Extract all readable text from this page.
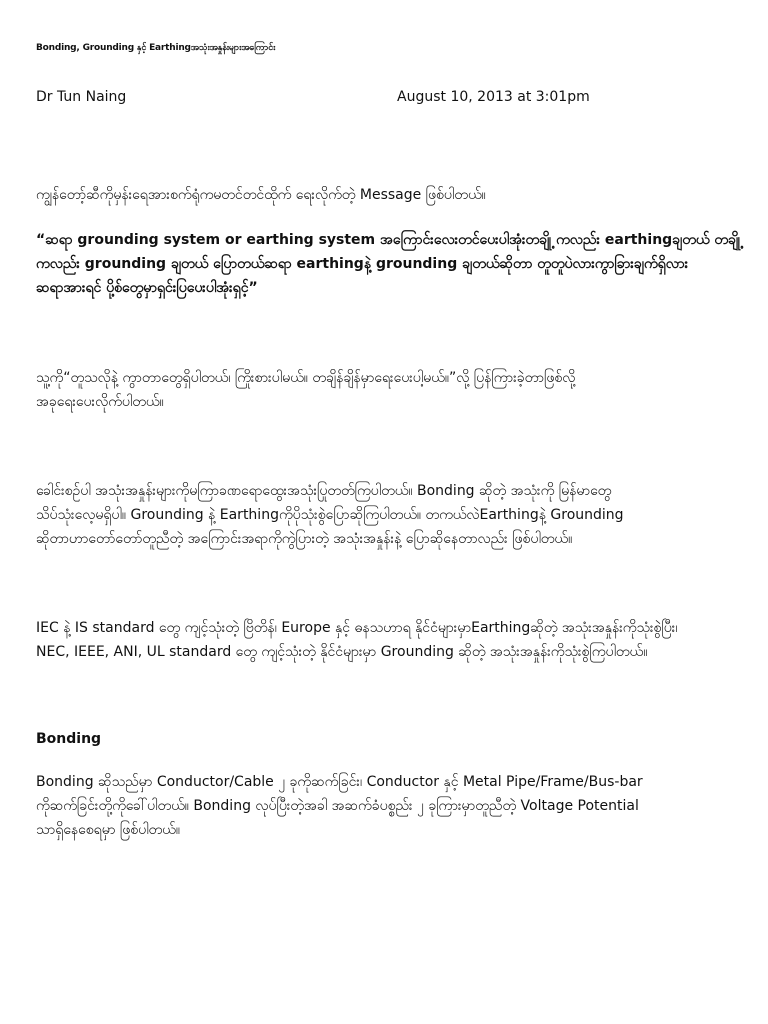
Bonding, Grounding နှင့် Earthingအသုံးအနှုန်းများအကြောင်း
Dr Tun Naing	August 10, 2013 at 3:01pm
ကျွန်တော့်ဆီကိုမှန်းရေအားစက်ရုံကမတင်တင်ထိုက် ရေးလိုက်တဲ့ Message ဖြစ်ပါတယ်။
“ဆရာ grounding system or earthing system အကြောင်းလေးတင်ပေးပါအုံးတချို့ ကလည်း earthingချတယ် တချို့
ကလည်း grounding ချတယ် ပြောတယ်ဆရာ earthingနဲ့ grounding ချတယ်ဆိုတာ တူတူပဲလားကွာခြားချက်ရှိလား
ဆရာအားရင် ပို့စ်တွေမှာရှင်းပြပေးပါအုံးရှင့်”
သူ့ကို“တူသလိုနဲ့ ကွာတာတွေရှိပါတယ်၊ ကြိုးစားပါမယ်။ တချိန်ချိန်မှာရေးပေးပါ့မယ်။”လို့ ပြန်ကြားခဲ့တာဖြစ်လို့
အခုရေးပေးလိုက်ပါတယ်။
ခေါင်းစဉ်ပါ အသုံးအနှုန်းများကိုမကြာခဏရောထွေးအသုံးပြုတတ်ကြပါတယ်။ Bonding ဆိုတဲ့ အသုံးကို မြန်မာတွေ
သိပ်သုံးလေ့မရှိပါ။ Grounding နဲ့ Earthingကိုပိုသုံးစွဲပြောဆိုကြပါတယ်။ တကယ်လဲEarthingနဲ့ Grounding
ဆိုတာဟာတော်တော်တူညီတဲ့ အကြောင်းအရာကိုကွဲပြားတဲ့ အသုံးအနှုန်းနဲ့ ပြောဆိုနေတာလည်း ဖြစ်ပါတယ်။
IEC နဲ့ IS standard တွေ ကျင့်သုံးတဲ့ ဗြိတိန်၊ Europe နှင့် ဓနသဟာရ နိုင်ငံများမှာEarthingဆိုတဲ့ အသုံးအနှုန်းကိုသုံးစွဲပြီး၊
NEC, IEEE, ANI, UL standard တွေ ကျင့်သုံးတဲ့ နိုင်ငံများမှာ Grounding ဆိုတဲ့ အသုံးအနှုန်းကိုသုံးစွဲကြပါတယ်။
Bonding
Bonding ဆိုသည်မှာ Conductor/Cable ၂ ခုကိုဆက်ခြင်း၊ Conductor နှင့် Metal Pipe/Frame/Bus-bar
ကိုဆက်ခြင်းတို့ကိုခေါ်ပါတယ်။ Bonding လုပ်ပြီးတဲ့အခါ အဆက်ခံပစ္စည်း ၂ ခုကြားမှာတူညီတဲ့ Voltage Potential
သာရှိနေစေရမှာ ဖြစ်ပါတယ်။
